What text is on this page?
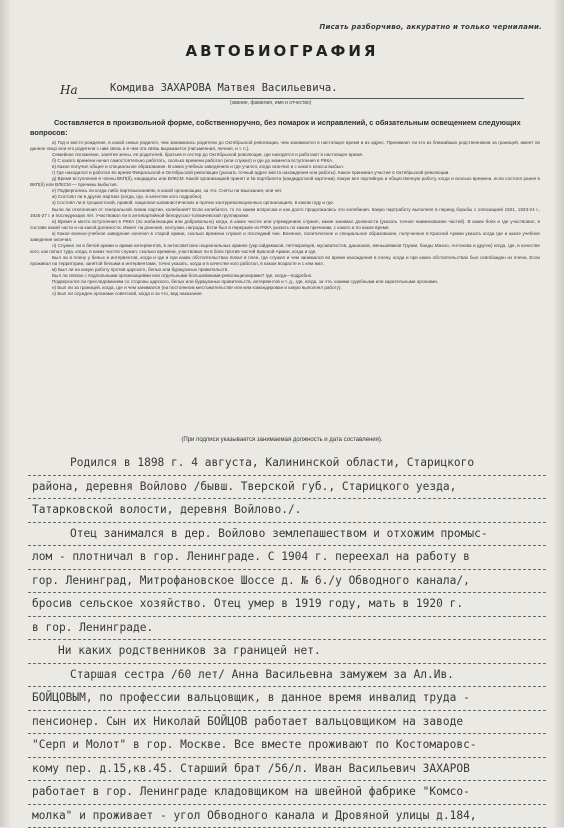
Писать разборчиво, аккуратно и только чернилами.
АВТОБИОГРАФИЯ
На	Комдива ЗАХАРОВА Матвея Васильевича.
(звание, фамилия, имя и отчество)
Составляется в произвольной форме, собственноручно, без помарок и исправлений, с обязательным освещением следующих вопросов:

а) Год и место рождения, в какой семье родился, чем занимались родители до Октябрьской революции, чем занимаются в настоящее время и их адрес. Принимает ли кто из ближайших родственников за границей, имеет ли данное лицо или его родители с ним связь и в чем эта связь выражается (письменная, личная, и т. п.).

Семейное положение, занятие жены, ее родителей, братьев и сестер до Октябрьской революции, где находятся и работают в настоящее время.

б) С какого времени начал самостоятельно работать, сколько времени работал (или служил) и где до момента вступления в РККА.

в) Какое получил общее и специальное образование. В каких учебных заведениях и где учился, когда окончил и с какого класса выбыл.

г) Где находился и работал во время Февральской и Октябрьской революции (указать точный адрес места нахождения или работы). Какое принимал участие в Октябрьской революции.

д) Время вступления в члены ВКП(б), кандидаты или ВЛКСМ. Какой организацией принят и № партбилета (кандидатской карточки). Какую вел партийную и общественную работу, когда и сколько времени, если состоял ранее в ВКП(б) или ВЛКСМ — причины выбытия.

е) Подвергались ли когда-либо партвзысканиям, в какой организации, за что. Сняты ли взыскания, или нет.

ж) Состоял ли в других партиях (когда, где, в качестве кого подробно).

з) Состоял ли в троцкистской, правой, национал-шовинистических и прочих контрреволюционных организациях, в каком году и где.

Были ли отклонения от генеральной линии партии, колебания? Если колебался, то по каким вопросам и как долго продолжались эти колебания. Какую партработу выполнял в период борьбы с оппозицией 1921, 1923-24 г., 1925-27 г. и последующих лет. Участвовал ли в антипартийной белорусско-толмачевской группировке.

и) Время и место вступления в РККА (по мобилизации или добровольно) когда, в каких частях или учреждениях служил, какие занимал должности (указать точное наименование частей). В каких боях и где участвовал, в составе какой части и на какой должности. Имеет ли ранения, контузии, награды. Если был в перерыве из РККА указать по каким причинам, с какого и по какое время.

к) Какое военно-учебное заведение окончил в старой армии, сколько времени служил и последний чин. Военное, политическое и специальное образование, полученное в Красной Армии указать когда где и какое учебное заведение окончил.

л) Служил ли в белой армии и армии интервентов, в антисоветских национальных армиях (укр.гайдамаков, петлюровцев, мусаватистов, дашнаков, меньшевиков Грузии, банды Махно, Антонова и других) когда, где, в качестве кого, как попал туда, когда, в каких частях служил, сколько времени, участвовал ли в боях против частей Красной Армии, когда и где.

Был ли в плену у белых и интервентов, когда и где и при каких обстоятельствах попал в плен, где служил и чем занимался во время нахождения в плену, когда и при каких обстоятельствах был освобожден из плена. Если проживал на территории, занятой белыми и интервентами, точно указать, когда и в качестве кого работал, в каком возрасте и с кем жил.

м) Был ли на какую работу против царского, белых или буржуазных правительств.

Был ли связан с подпольными организациями или отдельными большевиками-революционерами? где, когда—подробно.

Подвергался ли преследованиям со стороны царского, белых или буржуазных правительств, интервентов и т. д., где, когда, за что, какими судебными или карательными органами.

н) Был ли за границей, когда, где и чем занимался (на постоянном местожительстве или кем командирован и какую выполнял работу).

о) Был ли осужден органами советской, когда и за что, вид наказания.

(При подписи указывается занимаемая должность и дата составления).
Родился в 1898 г. 4 августа, Калининской области, Старицкого
района, деревня Войлово /бывш. Тверской губ., Старицкого уезда,
Татарковской волости, деревня Войлово./.
Отец занимался в дер. Войлово землепашеством и отхожим промыс-
лом - плотничал в гор. Ленинграде. С 1904 г. переехал на работу в
гор. Ленинград, Митрофановское Шоссе д. № 6./у Обводного канала/,
бросив сельское хозяйство. Отец умер в 1919 году, мать в 1920 г.
в гор. Ленинграде.
Ни каких родственников за границей нет.
Старшая сестра /60 лет/ Анна Васильевна замужем за Ал.Ив.
БОЙЦОВЫМ, по профессии вальцовщик, в данное время инвалид труда -
пенсионер. Сын их Николай БОЙЦОВ работает вальцовщиком на заводе
"Серп и Молот" в гор. Москве. Все вместе проживают по Костомаровс-
кому пер. д.15,кв.45. Старший брат /56/л. Иван Васильевич ЗАХАРОВ
работает в гор. Ленинграде кладовщиком на швейной фабрике "Комсо-
молка" и проживает - угол Обводного канала и Дровяной улицы д.184,
